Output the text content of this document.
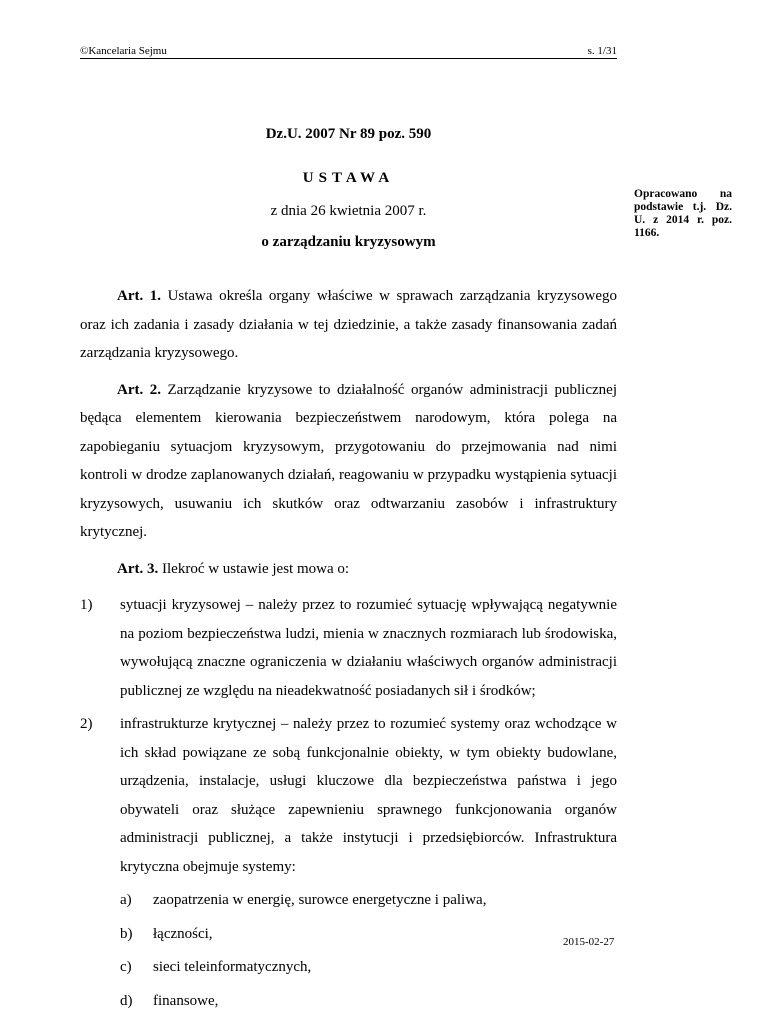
©Kancelaria Sejmu	s. 1/31
Dz.U. 2007 Nr 89 poz. 590
USTAWA
z dnia 26 kwietnia 2007 r.
o zarządzaniu kryzysowym
Opracowano na podstawie t.j. Dz. U. z 2014 r. poz. 1166.

Art. 1. Ustawa określa organy właściwe w sprawach zarządzania kryzysowego oraz ich zadania i zasady działania w tej dziedzinie, a także zasady finansowania zadań zarządzania kryzysowego.

Art. 2. Zarządzanie kryzysowe to działalność organów administracji publicznej będąca elementem kierowania bezpieczeństwem narodowym, która polega na zapobieganiu sytuacjom kryzysowym, przygotowaniu do przejmowania nad nimi kontroli w drodze zaplanowanych działań, reagowaniu w przypadku wystąpienia sytuacji kryzysowych, usuwaniu ich skutków oraz odtwarzaniu zasobów i infrastruktury krytycznej.

Art. 3. Ilekroć w ustawie jest mowa o:

1) sytuacji kryzysowej – należy przez to rozumieć sytuację wpływającą negatywnie na poziom bezpieczeństwa ludzi, mienia w znacznych rozmiarach lub środowiska, wywołującą znaczne ograniczenia w działaniu właściwych organów administracji publicznej ze względu na nieadekwatność posiadanych sił i środków;
2) infrastrukturze krytycznej – należy przez to rozumieć systemy oraz wchodzące w ich skład powiązane ze sobą funkcjonalnie obiekty, w tym obiekty budowlane, urządzenia, instalacje, usługi kluczowe dla bezpieczeństwa państwa i jego obywateli oraz służące zapewnieniu sprawnego funkcjonowania organów administracji publicznej, a także instytucji i przedsiębiorców. Infrastruktura krytyczna obejmuje systemy:
a) zaopatrzenia w energię, surowce energetyczne i paliwa,
b) łączności,
c) sieci teleinformatycznych,
d) finansowe,
2015-02-27
